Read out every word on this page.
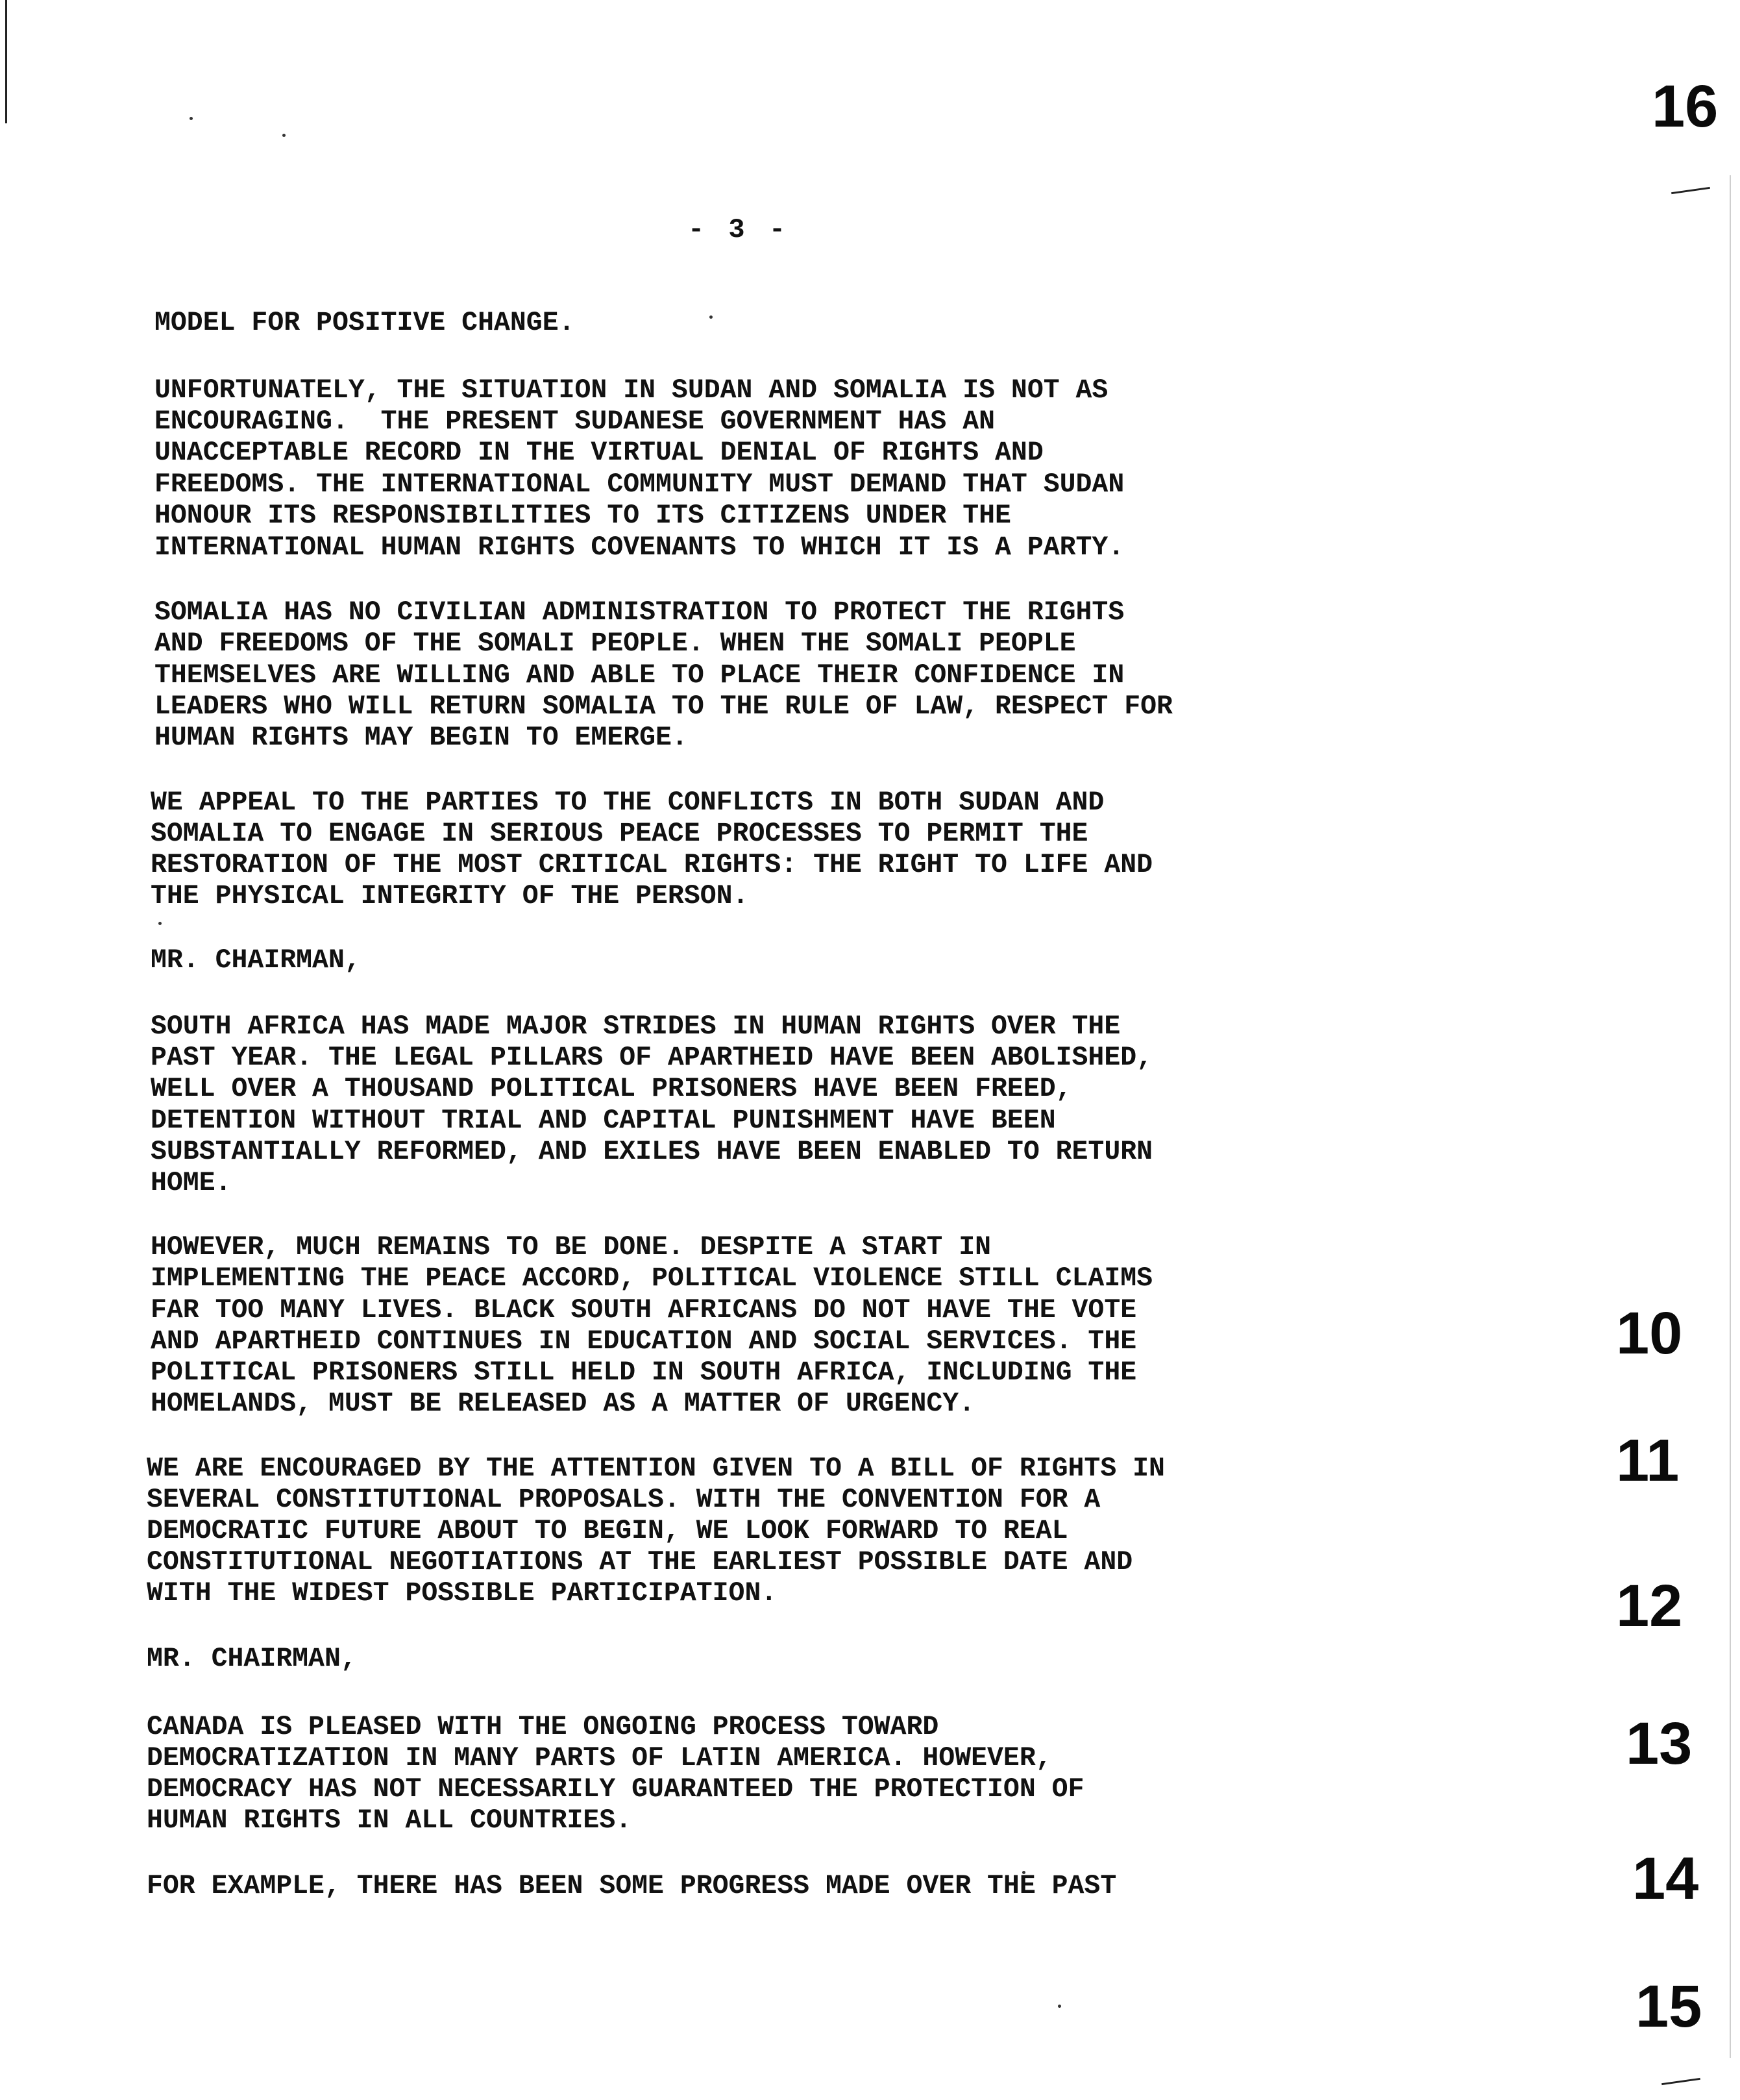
- 3 -
16
10
11
12
13
14
15
MODEL FOR POSITIVE CHANGE.
UNFORTUNATELY, THE SITUATION IN SUDAN AND SOMALIA IS NOT AS
ENCOURAGING.  THE PRESENT SUDANESE GOVERNMENT HAS AN
UNACCEPTABLE RECORD IN THE VIRTUAL DENIAL OF RIGHTS AND
FREEDOMS. THE INTERNATIONAL COMMUNITY MUST DEMAND THAT SUDAN
HONOUR ITS RESPONSIBILITIES TO ITS CITIZENS UNDER THE
INTERNATIONAL HUMAN RIGHTS COVENANTS TO WHICH IT IS A PARTY.
SOMALIA HAS NO CIVILIAN ADMINISTRATION TO PROTECT THE RIGHTS
AND FREEDOMS OF THE SOMALI PEOPLE. WHEN THE SOMALI PEOPLE
THEMSELVES ARE WILLING AND ABLE TO PLACE THEIR CONFIDENCE IN
LEADERS WHO WILL RETURN SOMALIA TO THE RULE OF LAW, RESPECT FOR
HUMAN RIGHTS MAY BEGIN TO EMERGE.
WE APPEAL TO THE PARTIES TO THE CONFLICTS IN BOTH SUDAN AND
SOMALIA TO ENGAGE IN SERIOUS PEACE PROCESSES TO PERMIT THE
RESTORATION OF THE MOST CRITICAL RIGHTS: THE RIGHT TO LIFE AND
THE PHYSICAL INTEGRITY OF THE PERSON.
MR. CHAIRMAN,
SOUTH AFRICA HAS MADE MAJOR STRIDES IN HUMAN RIGHTS OVER THE
PAST YEAR. THE LEGAL PILLARS OF APARTHEID HAVE BEEN ABOLISHED,
WELL OVER A THOUSAND POLITICAL PRISONERS HAVE BEEN FREED,
DETENTION WITHOUT TRIAL AND CAPITAL PUNISHMENT HAVE BEEN
SUBSTANTIALLY REFORMED, AND EXILES HAVE BEEN ENABLED TO RETURN
HOME.
HOWEVER, MUCH REMAINS TO BE DONE. DESPITE A START IN
IMPLEMENTING THE PEACE ACCORD, POLITICAL VIOLENCE STILL CLAIMS
FAR TOO MANY LIVES. BLACK SOUTH AFRICANS DO NOT HAVE THE VOTE
AND APARTHEID CONTINUES IN EDUCATION AND SOCIAL SERVICES. THE
POLITICAL PRISONERS STILL HELD IN SOUTH AFRICA, INCLUDING THE
HOMELANDS, MUST BE RELEASED AS A MATTER OF URGENCY.
WE ARE ENCOURAGED BY THE ATTENTION GIVEN TO A BILL OF RIGHTS IN
SEVERAL CONSTITUTIONAL PROPOSALS. WITH THE CONVENTION FOR A
DEMOCRATIC FUTURE ABOUT TO BEGIN, WE LOOK FORWARD TO REAL
CONSTITUTIONAL NEGOTIATIONS AT THE EARLIEST POSSIBLE DATE AND
WITH THE WIDEST POSSIBLE PARTICIPATION.
MR. CHAIRMAN,
CANADA IS PLEASED WITH THE ONGOING PROCESS TOWARD
DEMOCRATIZATION IN MANY PARTS OF LATIN AMERICA. HOWEVER,
DEMOCRACY HAS NOT NECESSARILY GUARANTEED THE PROTECTION OF
HUMAN RIGHTS IN ALL COUNTRIES.
FOR EXAMPLE, THERE HAS BEEN SOME PROGRESS MADE OVER THE PAST
